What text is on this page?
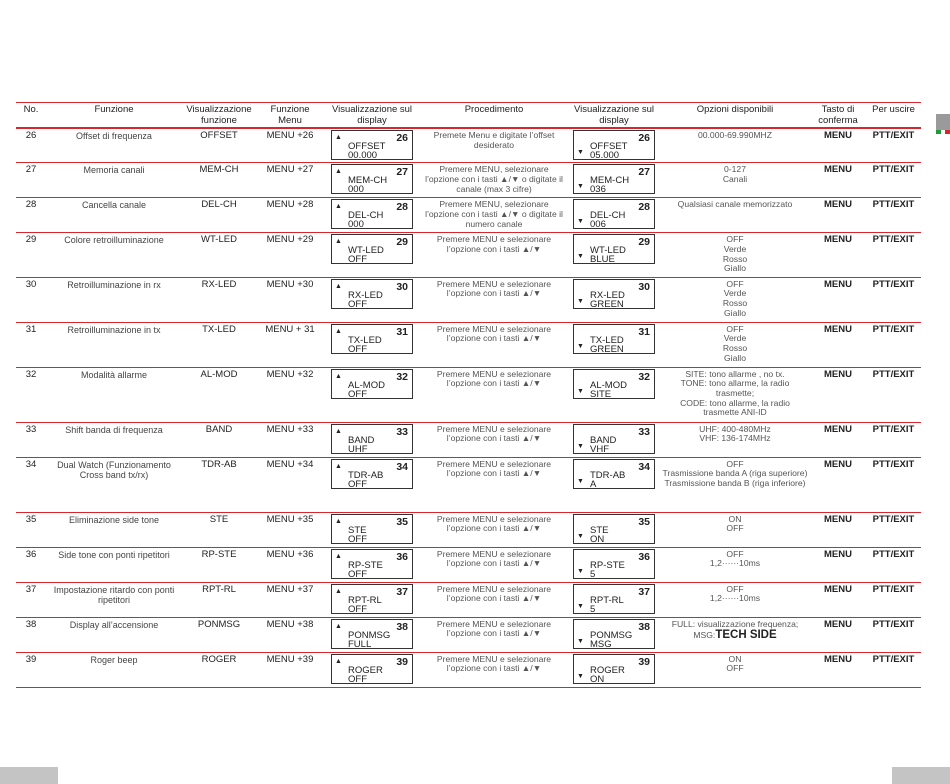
No.	Funzione	Visualizzazione funzione	Funzione Menu	Visualizzazione sul display	Procedimento	Visualizzazione sul display	Opzioni disponibili	Tasto di conferma	Per uscire
26	Offset di frequenza	OFFSET	MENU +26	▲ 26
OFFSET
00.000	Premete Menu e digitate l’offset desiderato	▼
26
OFFSET
05.000	00.000-69.990MHZ	MENU	PTT/EXIT
27	Memoria canali	MEM-CH	MENU +27	▲ 27
MEM-CH
000	Premere MENU, selezionare l’opzione con i tasti ▲/▼ o digitate il canale (max 3 cifre)	▼
27
MEM-CH
036	0-127
Canali	MENU	PTT/EXIT
28	Cancella canale	DEL-CH	MENU +28	▲ 28
DEL-CH
000	Premere MENU, selezionare l’opzione con i tasti ▲/▼ o digitate il numero canale	▼
28
DEL-CH
006	Qualsiasi canale memorizzato	MENU	PTT/EXIT
29	Colore retroilluminazione	WT-LED	MENU +29	▲ 29
WT-LED
OFF	Premere MENU e selezionare l’opzione con i tasti ▲/▼	▼
29
WT-LED
BLUE	OFF
Verde
Rosso
Giallo	MENU	PTT/EXIT
30	Retroilluminazione in rx	RX-LED	MENU +30	▲ 30
RX-LED
OFF	Premere MENU e selezionare l’opzione con i tasti ▲/▼	▼
30
RX-LED
GREEN	OFF
Verde
Rosso
Giallo	MENU	PTT/EXIT
31	Retroilluminazione in tx	TX-LED	MENU + 31	▲ 31
TX-LED
OFF	Premere MENU e selezionare l’opzione con i tasti ▲/▼	▼
31
TX-LED
GREEN	OFF
Verde
Rosso
Giallo	MENU	PTT/EXIT
32	Modalità allarme	AL-MOD	MENU +32	▲ 32
AL-MOD
OFF	Premere MENU e selezionare l’opzione con i tasti ▲/▼	▼
32
AL-MOD
SITE	SITE: tono allarme , no tx.
TONE: tono allarme, la radio trasmette;
CODE: tono allarme, la radio trasmette ANI-ID	MENU	PTT/EXIT
33	Shift banda di frequenza	BAND	MENU +33	▲ 33
BAND
UHF	Premere MENU e selezionare l’opzione con i tasti ▲/▼	▼
33
BAND
VHF	UHF: 400-480MHz
VHF: 136-174MHz	MENU	PTT/EXIT
34	Dual Watch (Funzionamento Cross band tx/rx)	TDR-AB	MENU +34	▲ 34
TDR-AB
OFF	Premere MENU e selezionare l’opzione con i tasti ▲/▼	▼
34
TDR-AB
A	OFF
Trasmissione banda A (riga superiore)
Trasmissione banda B (riga inferiore)	MENU	PTT/EXIT
35	Eliminazione side tone	STE	MENU +35	▲ 35
STE
OFF	Premere MENU e selezionare l’opzione con i tasti ▲/▼	▼
35
STE
ON	ON
OFF	MENU	PTT/EXIT
36	Side tone con ponti ripetitori	RP-STE	MENU +36	▲ 36
RP-STE
OFF	Premere MENU e selezionare l’opzione con i tasti ▲/▼	▼
36
RP-STE
5	OFF
1,2······10ms	MENU	PTT/EXIT
37	Impostazione ritardo con ponti ripetitori	RPT-RL	MENU +37	▲ 37
RPT-RL
OFF	Premere MENU e selezionare l’opzione con i tasti ▲/▼	▼
37
RPT-RL
5	OFF
1,2······10ms	MENU	PTT/EXIT
38	Display all’accensione	PONMSG	MENU +38	▲ 38
PONMSG
FULL	Premere MENU e selezionare l’opzione con i tasti ▲/▼	▼
38
PONMSG
MSG	FULL: visualizzazione frequenza;
MSG:TECH SIDE	MENU	PTT/EXIT
39	Roger beep	ROGER	MENU +39	▲ 39
ROGER
OFF	Premere MENU e selezionare l’opzione con i tasti ▲/▼	▼
39
ROGER
ON	ON
OFF	MENU	PTT/EXIT
